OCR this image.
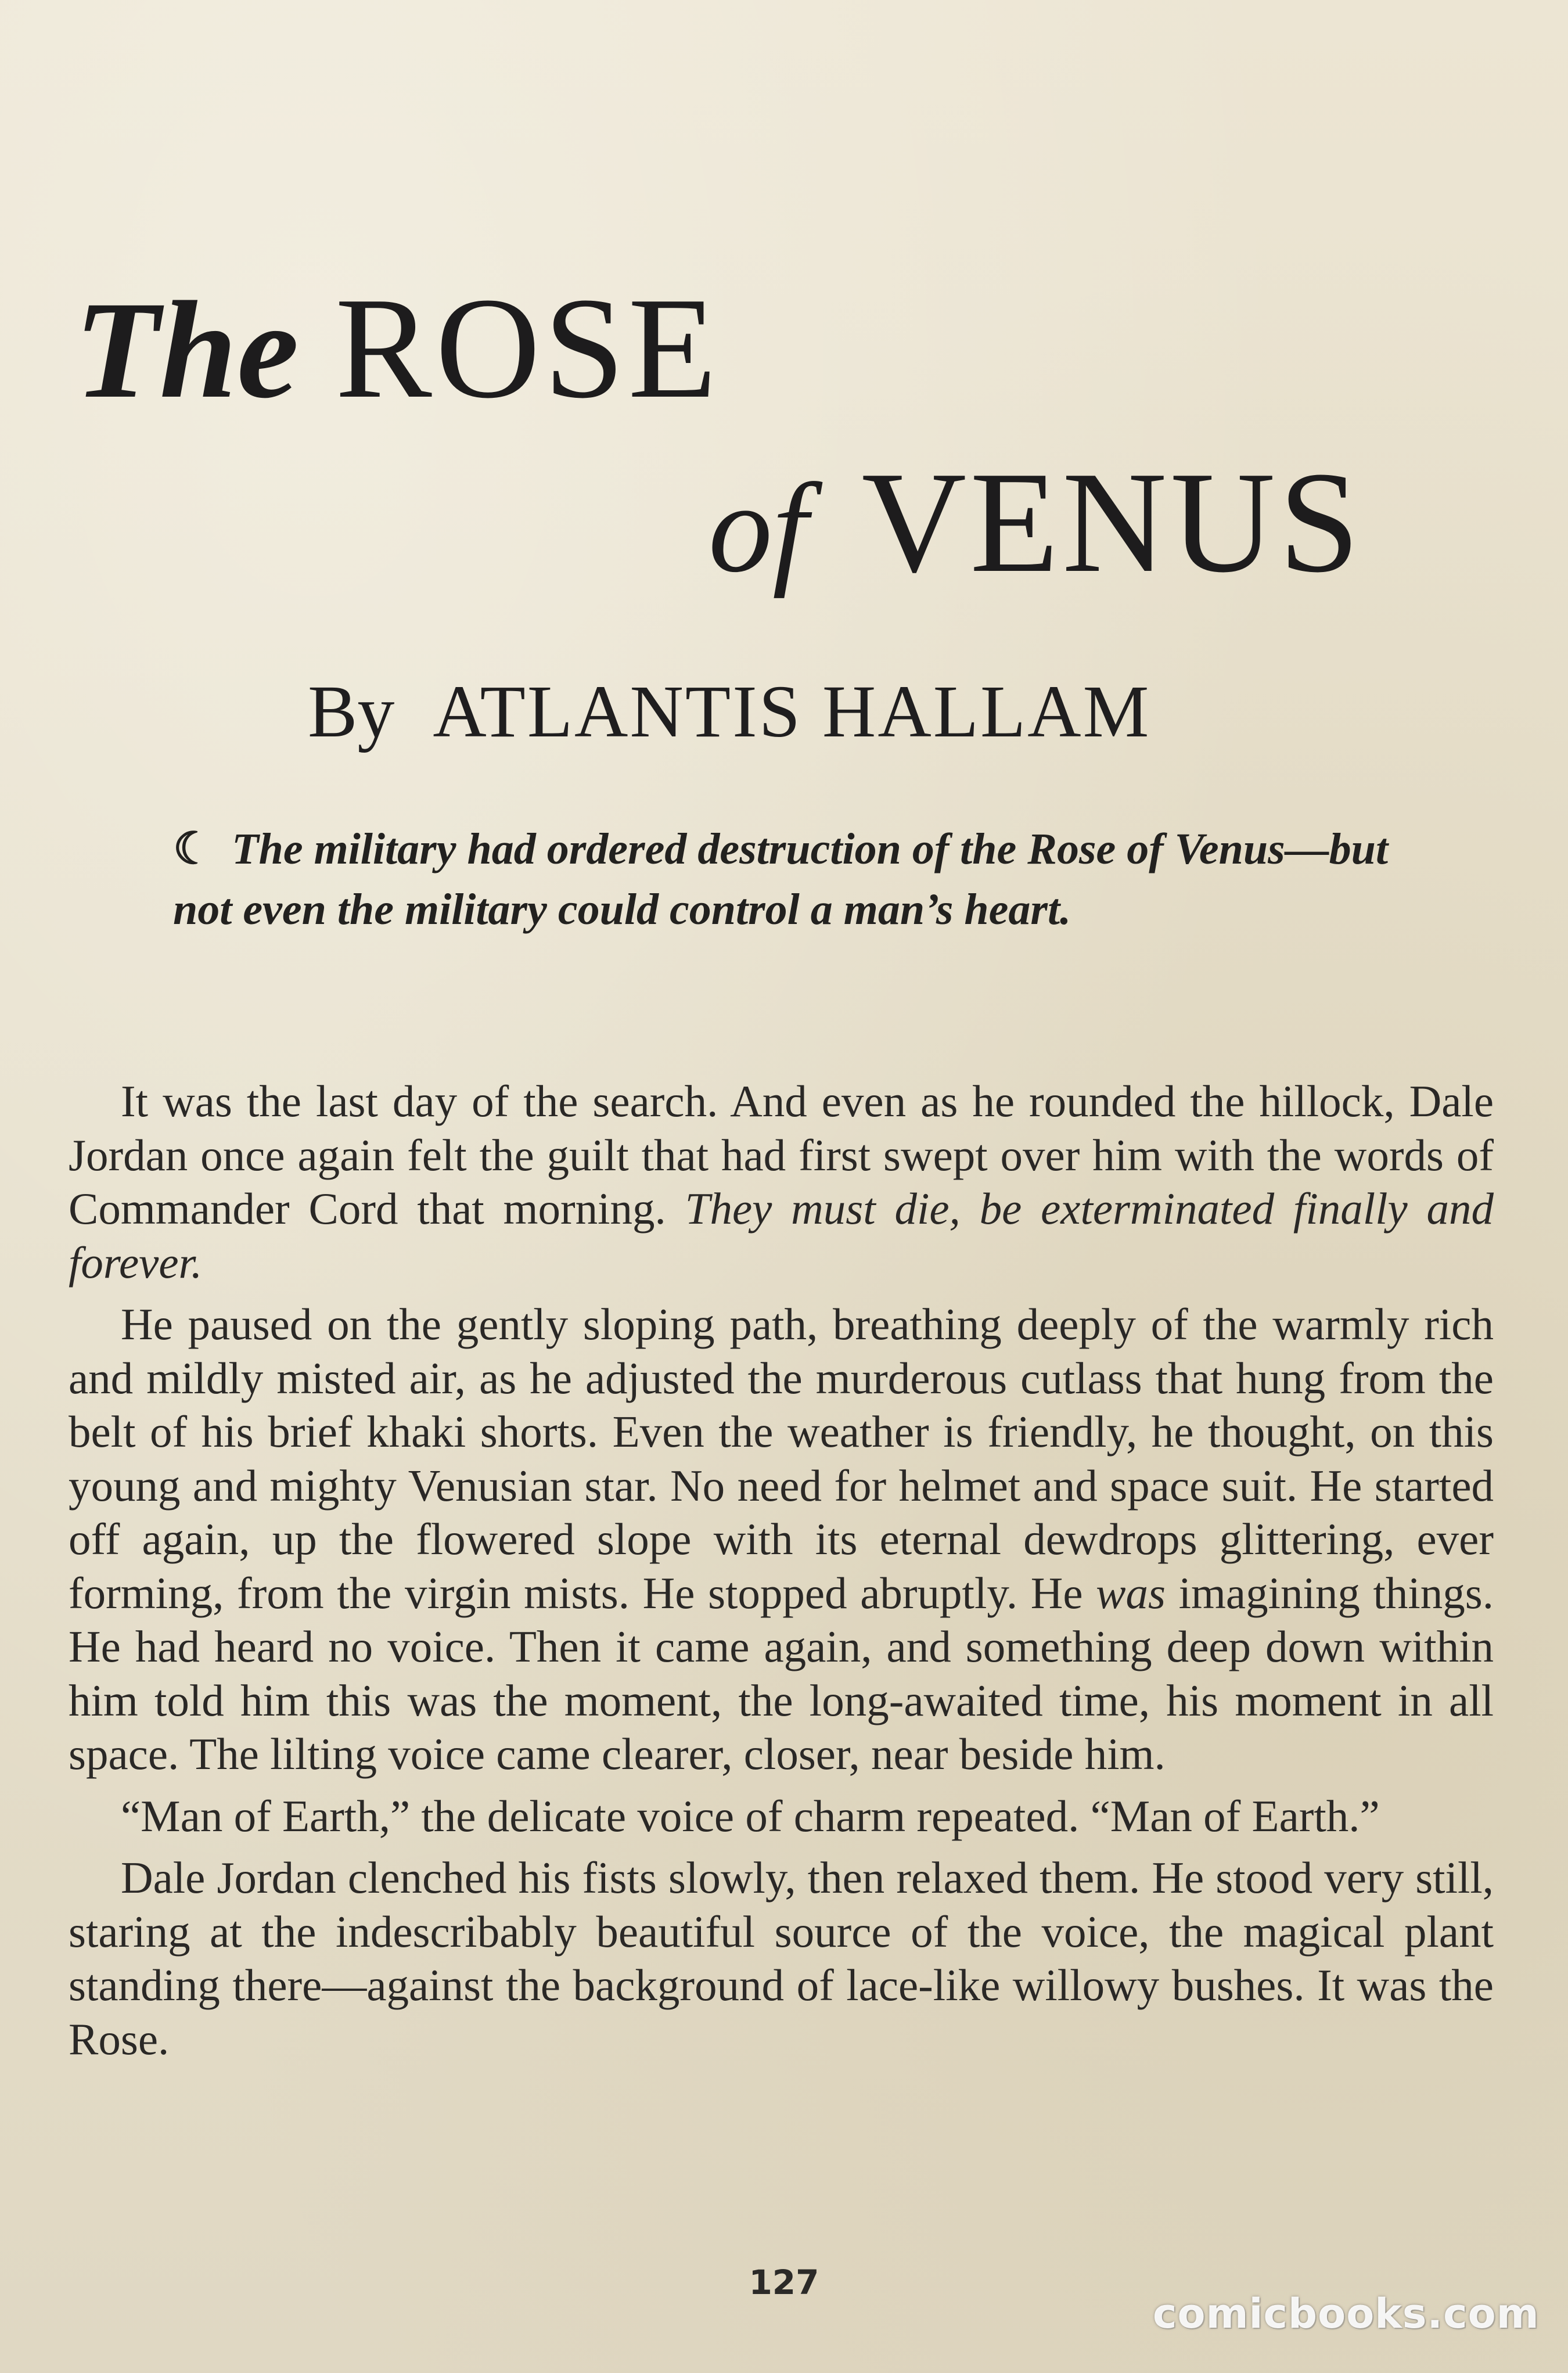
The ROSE
of VENUS
By ATLANTIS HALLAM
☾ The military had ordered destruction of the Rose of Venus—but not even the military could control a man’s heart.

It was the last day of the search. And even as he rounded the hillock, Dale Jordan once again felt the guilt that had first swept over him with the words of Commander Cord that morning. They must die, be exterminated finally and forever.

He paused on the gently sloping path, breathing deeply of the warmly rich and mildly misted air, as he adjusted the murderous cutlass that hung from the belt of his brief khaki shorts. Even the weather is friendly, he thought, on this young and mighty Venusian star. No need for helmet and space suit. He started off again, up the flowered slope with its eternal dewdrops glittering, ever forming, from the virgin mists. He stopped abruptly. He was imagining things. He had heard no voice. Then it came again, and something deep down within him told him this was the moment, the long-awaited time, his moment in all space. The lilting voice came clearer, closer, near beside him.

“Man of Earth,” the delicate voice of charm repeated. “Man of Earth.”

Dale Jordan clenched his fists slowly, then relaxed them. He stood very still, staring at the indescribably beautiful source of the voice, the magical plant standing there—against the background of lace-like willowy bushes. It was the Rose.

127
comicbooks.com
